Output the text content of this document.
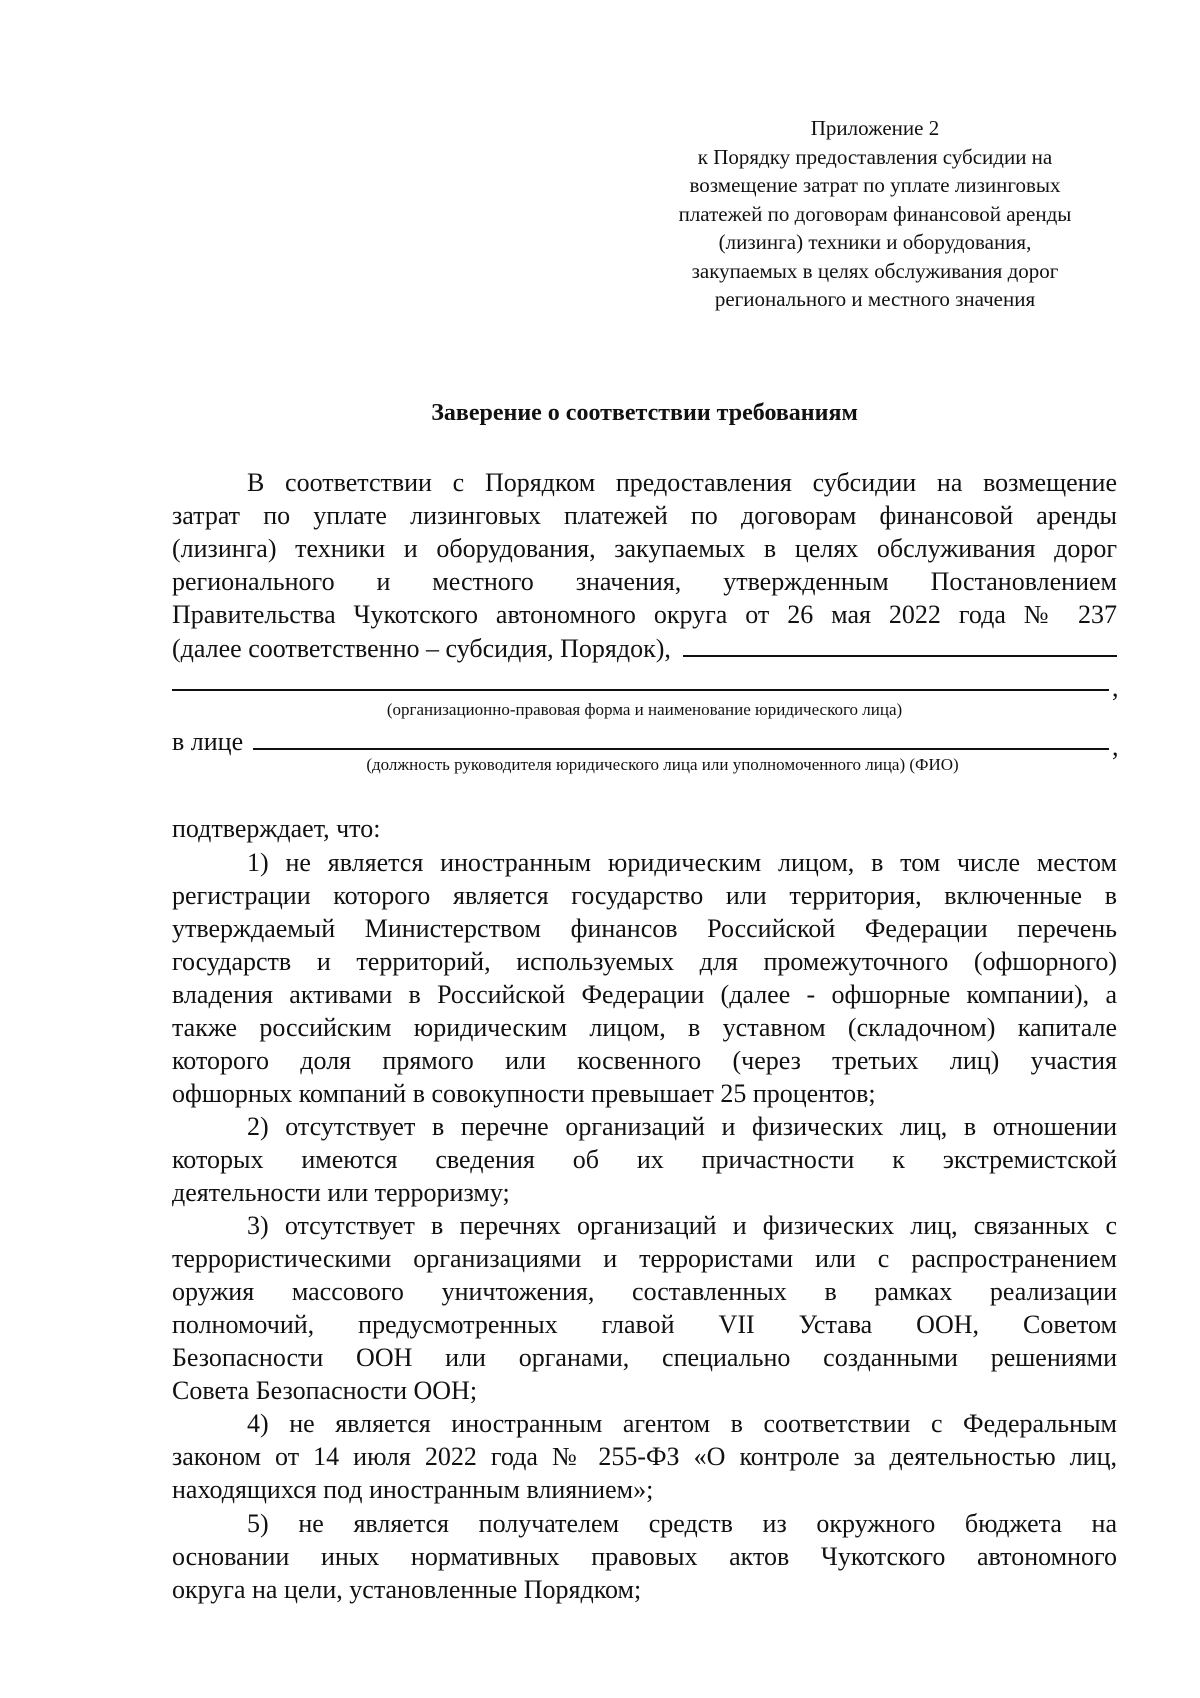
Приложение 2
к Порядку предоставления субсидии на
возмещение затрат по уплате лизинговых
платежей по договорам финансовой аренды
(лизинга) техники и оборудования,
закупаемых в целях обслуживания дорог
регионального и местного значения
Заверение о соответствии требованиям
В соответствии с Порядком предоставления субсидии на возмещение
затрат по уплате лизинговых платежей по договорам финансовой аренды
(лизинга) техники и оборудования, закупаемых в целях обслуживания дорог
регионального и местного значения, утвержденным Постановлением
Правительства Чукотского автономного округа от 26 мая 2022 года № 237
(далее соответственно – субсидия, Порядок),
,
(организационно-правовая форма и наименование юридического лица)
в лице	,
(должность руководителя юридического лица или уполномоченного лица) (ФИО)
подтверждает, что:
1) не является иностранным юридическим лицом, в том числе местом
регистрации которого является государство или территория, включенные в
утверждаемый Министерством финансов Российской Федерации перечень
государств и территорий, используемых для промежуточного (офшорного)
владения активами в Российской Федерации (далее - офшорные компании), а
также российским юридическим лицом, в уставном (складочном) капитале
которого доля прямого или косвенного (через третьих лиц) участия
офшорных компаний в совокупности превышает 25 процентов;
2) отсутствует в перечне организаций и физических лиц, в отношении
которых имеются сведения об их причастности к экстремистской
деятельности или терроризму;
3) отсутствует в перечнях организаций и физических лиц, связанных с
террористическими организациями и террористами или с распространением
оружия массового уничтожения, составленных в рамках реализации
полномочий, предусмотренных главой VII Устава ООН, Советом
Безопасности ООН или органами, специально созданными решениями
Совета Безопасности ООН;
4) не является иностранным агентом в соответствии с Федеральным
законом от 14 июля 2022 года № 255-ФЗ «О контроле за деятельностью лиц,
находящихся под иностранным влиянием»;
5) не является получателем средств из окружного бюджета на
основании иных нормативных правовых актов Чукотского автономного
округа на цели, установленные Порядком;
